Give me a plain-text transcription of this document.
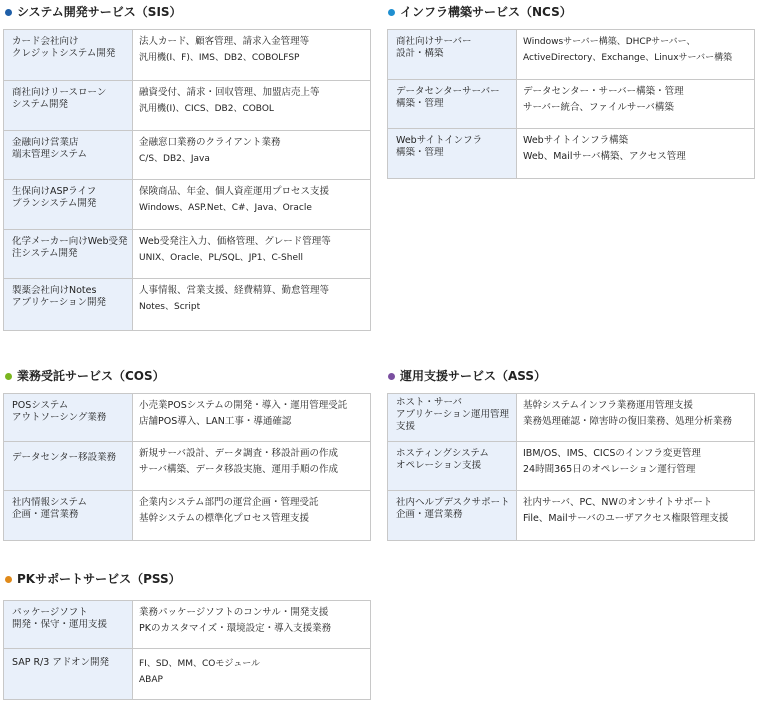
システム開発サービス（SIS）
カード会社向け
クレジットシステム開発
法人カード、顧客管理、請求入金管理等
汎用機(I、F)、IMS、DB2、COBOLFSP
商社向けリースローン
システム開発
融資受付、請求・回収管理、加盟店売上等
汎用機(I)、CICS、DB2、COBOL
金融向け営業店
端末管理システム
金融窓口業務のクライアント業務
C/S、DB2、Java
生保向けASPライフ
プランシステム開発
保険商品、年金、個人資産運用プロセス支援
Windows、ASP.Net、C#、Java、Oracle
化学メーカー向けWeb受発
注システム開発
Web受発注入力、価格管理、グレード管理等
UNIX、Oracle、PL/SQL、JP1、C-Shell
製薬会社向けNotes
アプリケーション開発
人事情報、営業支援、経費精算、勤怠管理等
Notes、Script
インフラ構築サービス（NCS）
商社向けサーバー
設計・構築
Windowsサーバー構築、DHCPサーバー、
ActiveDirectory、Exchange、Linuxサーバー構築
データセンターサーバー
構築・管理
データセンター・サーバー構築・管理
サーバー統合、ファイルサーバ構築
Webサイトインフラ
構築・管理
Webサイトインフラ構築
Web、Mailサーバ構築、アクセス管理
業務受託サービス（COS）
POSシステム
アウトソーシング業務
小売業POSシステムの開発・導入・運用管理受託
店舗POS導入、LAN工事・導通確認
データセンター移設業務	新規サーバ設計、データ調査・移設計画の作成
サーバ構築、データ移設実施、運用手順の作成
社内情報システム
企画・運営業務
企業内システム部門の運営企画・管理受託
基幹システムの標準化プロセス管理支援
運用支援サービス（ASS）
ホスト・サーバ
アプリケーション運用管理
支援
基幹システムインフラ業務運用管理支援
業務処理確認・障害時の復旧業務、処理分析業務
ホスティングシステム
オペレーション支援
IBM/OS、IMS、CICSのインフラ変更管理
24時間365日のオペレーション運行管理
社内ヘルプデスクサポート
企画・運営業務
社内サーバ、PC、NWのオンサイトサポート
File、Mailサーバのユーザアクセス権限管理支援
PKサポートサービス（PSS）
パッケージソフト
開発・保守・運用支援
業務パッケージソフトのコンサル・開発支援
PKのカスタマイズ・環境設定・導入支援業務
SAP R/3 アドオン開発	FI、SD、MM、COモジュール
ABAP
